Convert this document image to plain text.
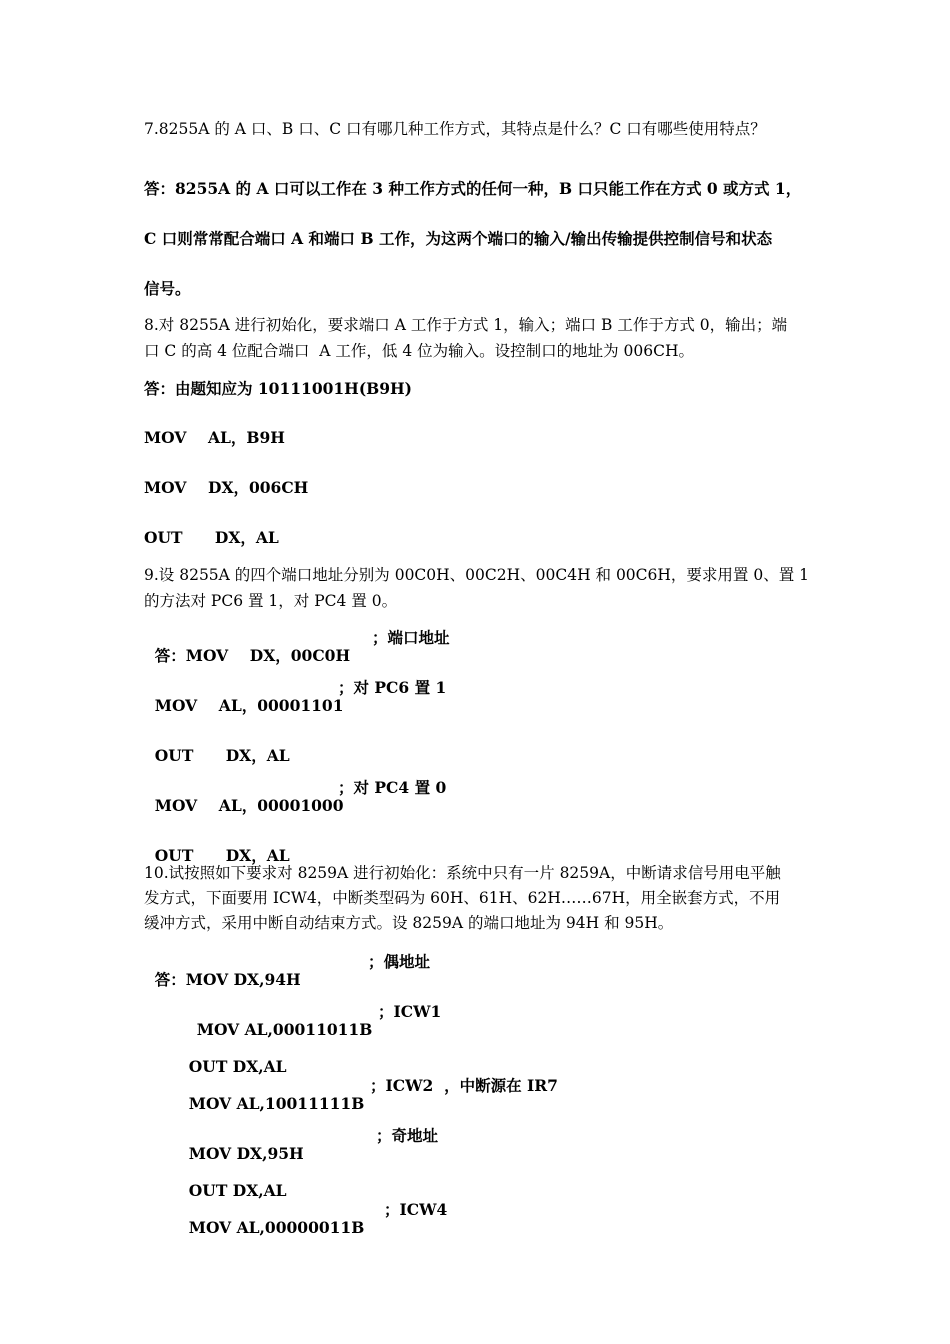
7.8255A 的 A 口、B 口、C 口有哪几种工作方式，其特点是什么？C 口有哪些使用特点？
答：8255A 的 A 口可以工作在 3 种工作方式的任何一种，B 口只能工作在方式 0 或方式 1，
C 口则常常配合端口 A 和端口 B 工作，为这两个端口的输入/输出传输提供控制信号和状态
信号。
8.对 8255A 进行初始化，要求端口 A 工作于方式 1，输入；端口 B 工作于方式 0，输出；端
口 C 的高 4 位配合端口  A 工作，低 4 位为输入。设控制口的地址为 006CH。
答：由题知应为 10111001H(B9H)
MOV    AL，B9H
MOV    DX，006CH
OUT      DX，AL
9.设 8255A 的四个端口地址分别为 00C0H、00C2H、00C4H 和 00C6H，要求用置 0、置 1
的方法对 PC6 置 1，对 PC4 置 0。

答：MOV    DX，00C0H

；端口地址

MOV    AL，00001101

；对 PC6 置 1

OUT      DX，AL

MOV    AL，00001000

；对 PC4 置 0

OUT      DX，AL

10.试按照如下要求对 8259A 进行初始化：系统中只有一片 8259A，中断请求信号用电平触
发方式，下面要用 ICW4，中断类型码为 60H、61H、62H……67H，用全嵌套方式，不用
缓冲方式，采用中断自动结束方式。设 8259A 的端口地址为 94H 和 95H。

答：MOV DX,94H

；偶地址

MOV AL,00011011B

；ICW1

OUT DX,AL

MOV AL,10011111B

；ICW2  ，中断源在 IR7

MOV DX,95H

；奇地址

OUT DX,AL

MOV AL,00000011B

；ICW4
